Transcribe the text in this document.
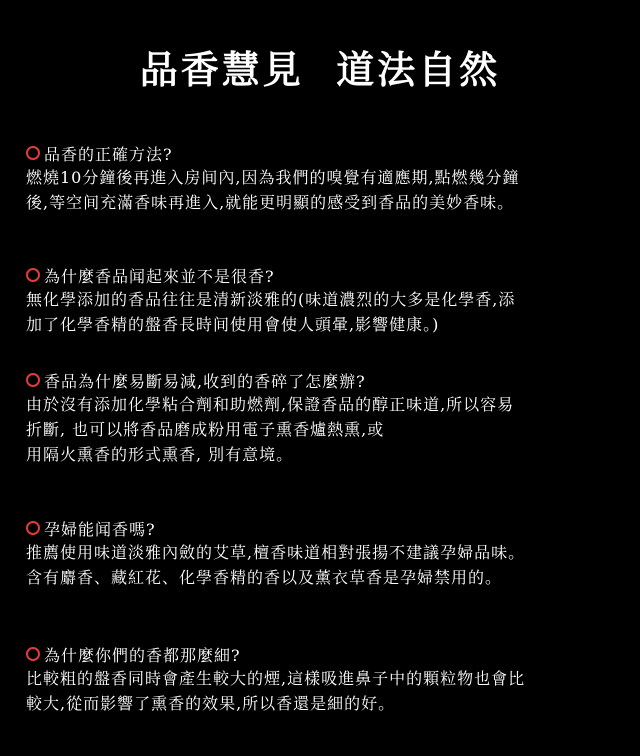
品香慧見  道法自然
品香的正確方法?
燃燒10分鐘後再進入房间內,因為我們的嗅覺有適應期,點燃幾分鐘
後,等空间充滿香味再進入,就能更明顯的感受到香品的美妙香味。
為什麼香品闻起來並不是很香?
無化學添加的香品往往是清新淡雅的(味道濃烈的大多是化學香,添
加了化學香精的盤香長時间使用會使人頭暈,影響健康。)
香品為什麼易斷易減,收到的香碎了怎麼辦?
由於沒有添加化學粘合劑和助燃劑,保證香品的醇正味道,所以容易
折斷, 也可以將香品磨成粉用電子熏香爐熱熏,或
用隔火熏香的形式熏香, 別有意境。
孕婦能闻香嗎?
推薦使用味道淡雅內斂的艾草,檀香味道相對張揚不建議孕婦品味。
含有麝香、藏紅花、化學香精的香以及薰衣草香是孕婦禁用的。
為什麼你們的香都那麼細?
比較粗的盤香同時會產生較大的煙,這樣吸進鼻子中的顆粒物也會比
較大,從而影響了熏香的效果,所以香還是細的好。
